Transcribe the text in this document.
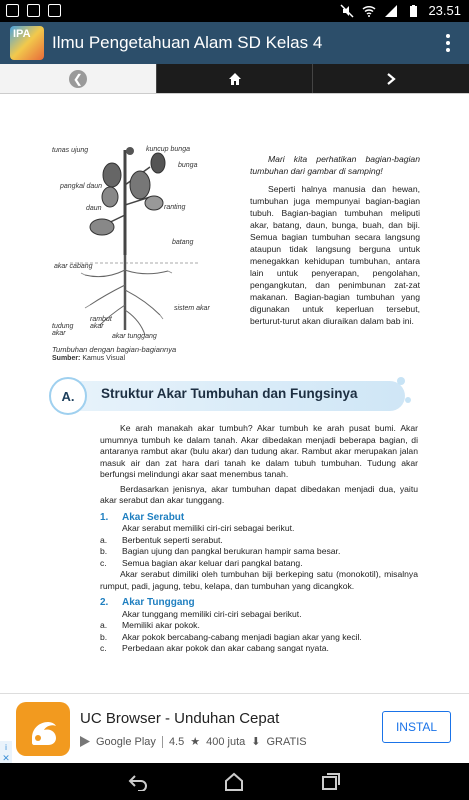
23.51
IPA Ilmu Pengetahuan Alam SD Kelas 4
❮
tunas ujung	kuncup bunga
bunga
pangkal daun
daun	ranting
batang
akar cabang
sistem akar
tudung akar
rambut akar
akar tunggang
Tumbuhan dengan bagian-bagiannya
Sumber: Kamus Visual

Mari kita perhatikan bagian-bagian tumbuhan dari gambar di samping!

Seperti halnya manusia dan hewan, tumbuhan juga mempunyai bagian-bagian tubuh. Bagian-bagian tumbuhan meliputi akar, batang, daun, bunga, buah, dan biji. Semua bagian tumbuhan secara langsung ataupun tidak langsung berguna untuk menegakkan kehidupan tumbuhan, antara lain untuk penyerapan, pengolahan, pengangkutan, dan penimbunan zat-zat makanan. Bagian-bagian tumbuhan yang digunakan untuk keperluan tersebut, berturut-turut akan diuraikan dalam bab ini.

A.	Struktur Akar Tumbuhan dan Fungsinya

Ke arah manakah akar tumbuh? Akar tumbuh ke arah pusat bumi. Akar umumnya tumbuh ke dalam tanah. Akar dibedakan menjadi beberapa bagian, di antaranya rambut akar (bulu akar) dan tudung akar. Rambut akar merupakan jalan masuk air dan zat hara dari tanah ke dalam tubuh tumbuhan. Tudung akar berfungsi melindungi akar saat menembus tanah.

Berdasarkan jenisnya, akar tumbuhan dapat dibedakan menjadi dua, yaitu akar serabut dan akar tunggang.

1.	Akar Serabut
Akar serabut memiliki ciri-ciri sebagai berikut.
a.	Berbentuk seperti serabut.
b.	Bagian ujung dan pangkal berukuran hampir sama besar.
c.	Semua bagian akar keluar dari pangkal batang.

Akar serabut dimiliki oleh tumbuhan biji berkeping satu (monokotil), misalnya rumput, padi, jagung, tebu, kelapa, dan tumbuhan yang dicangkok.

2.	Akar Tunggang
Akar tunggang memiliki ciri-ciri sebagai berikut.
a.	Memiliki akar pokok.
b.	Akar pokok bercabang-cabang menjadi bagian akar yang kecil.
c.	Perbedaan akar pokok dan akar cabang sangat nyata.
UC Browser - Unduhan Cepat
Google Play 4.5 ★ 400 juta ⬇ GRATIS
INSTAL
i
✕
